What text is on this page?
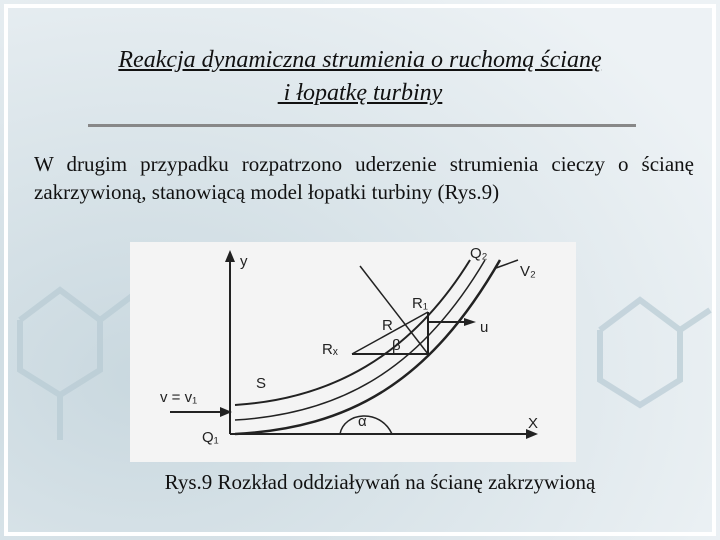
Reakcja dynamiczna strumienia o ruchomą ścianę
i łopatkę turbiny
W drugim przypadku rozpatrzono uderzenie strumienia cieczy o ścianę zakrzywioną, stanowiącą model łopatki turbiny (Rys.9)
y
X
Q₂
V₂
R₁
R	u
Rₓ	β
S
v = v₁
Q₁
α
Rys.9 Rozkład oddziaływań na ścianę zakrzywioną
